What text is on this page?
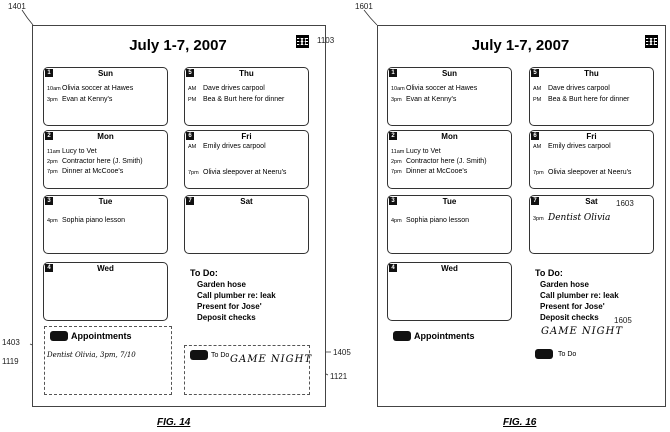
1401
July 1-7, 2007	1103
1	Sun
10amOlivia soccer at Hawes
3pm Evan at Kenny's
5	Thu
AM Dave drives carpool
PM Bea & Burt here for dinner
2	Mon
11am Lucy to Vet
2pm Contractor here (J. Smith)
7pm Dinner at McCooe's
6	Fri
AM Emily drives carpool
7pm Olivia sleepover at Neeru's
3	Tue
4pm Sophia piano lesson
7	Sat
4	Wed	To Do:
Garden hose
Call plumber re: leak
Present for Jose'
Deposit checks
Appointments
Dentist Olivia, 3pm, 7/10
1403
1119
To Do GAME NIGHT
1405
1121
FIG. 14
1601
July 1-7, 2007
1	Sun
10amOlivia soccer at Hawes
3pm Evan at Kenny's
5	Thu
AM Dave drives carpool
PM Bea & Burt here for dinner
2	Mon
11am Lucy to Vet
2pm Contractor here (J. Smith)
7pm Dinner at McCooe's
6	Fri
AM Emily drives carpool
7pm Olivia sleepover at Neeru's
3	Tue
4pm Sophia piano lesson
7	Sat
3pm Dentist Olivia
1603
4	Wed	To Do:
Garden hose
Call plumber re: leak
Present for Jose'
Deposit checks
GAME NIGHT
1605
Appointments
To Do
FIG. 16
